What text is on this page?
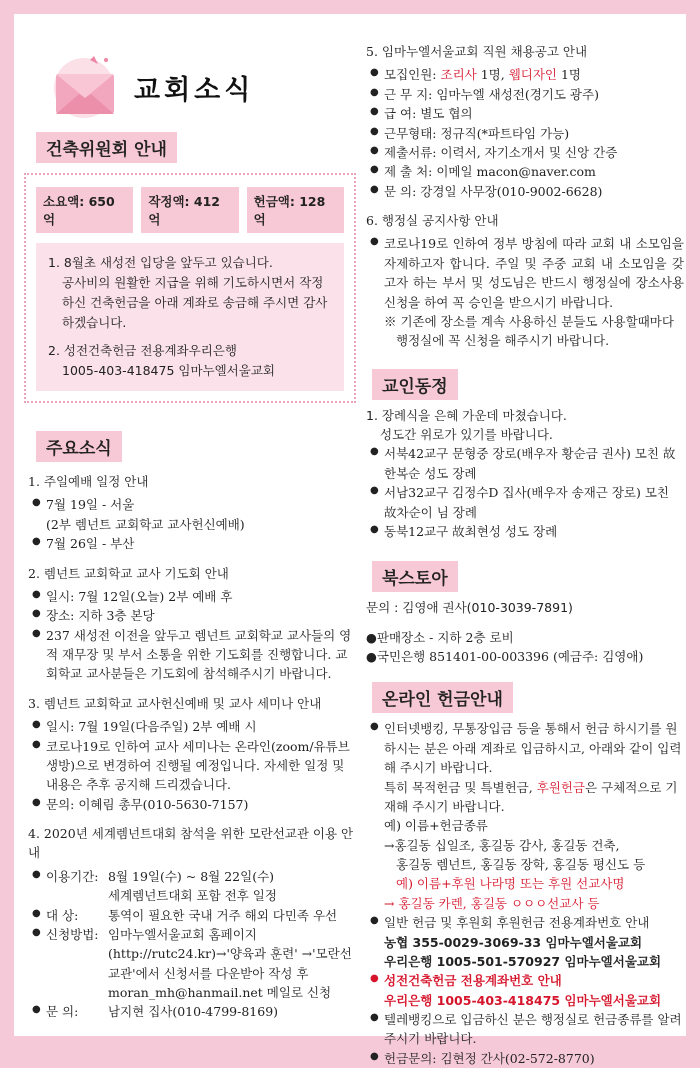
교회소식
건축위원회 안내
소요액: 650억
작정액: 412억
헌금액: 128억
1. 8월초 새성전 입당을 앞두고 있습니다.
공사비의 원활한 지급을 위해 기도하시면서 작정하신 건축헌금을 아래 계좌로 송금해 주시면 감사하겠습니다.
2. 성전건축헌금 전용계좌우리은행
1005-403-418475 임마누엘서울교회
주요소식
1. 주일예배 일정 안내
● 7월 19일 - 서울
(2부 렘넌트 교회학교 교사헌신예배)
● 7월 26일 - 부산
2. 렘넌트 교회학교 교사 기도회 안내
● 일시: 7월 12일(오늘) 2부 예배 후
● 장소: 지하 3층 본당
● 237 새성전 이전을 앞두고 렘넌트 교회학교 교사들의 영적 재무장 및 부서 소통을 위한 기도회를 진행합니다. 교회학교 교사분들은 기도회에 참석해주시기 바랍니다.
3. 렘넌트 교회학교 교사헌신예배 및 교사 세미나 안내
● 일시: 7월 19일(다음주일) 2부 예배 시
● 코로나19로 인하여 교사 세미나는 온라인(zoom/유튜브 생방)으로 변경하여 진행될 예정입니다. 자세한 일정 및 내용은 추후 공지해 드리겠습니다.
● 문의: 이혜림 총무(010-5630-7157)
4. 2020년 세계렘넌트대회 참석을 위한 모란선교관 이용 안내
● 이용기간: 8월 19일(수) ~ 8월 22일(수)
세계렘넌트대회 포함 전후 일정
● 대 상:	통역이 필요한 국내 거주 해외 다민족 우선
● 신청방법: 임마누엘서울교회 홈페이지 (http://rutc24.kr)→'양육과 훈련' →'모란선교관'에서 신청서를 다운받아 작성 후 moran_mh@hanmail.net 메일로 신청
● 문 의:	남지현 집사(010-4799-8169)
5. 임마누엘서울교회 직원 채용공고 안내
● 모집인원: 조리사 1명, 웹디자인 1명
● 근 무 지: 임마누엘 새성전(경기도 광주)
● 급 여: 별도 협의
● 근무형태: 정규직(*파트타임 가능)
● 제출서류: 이력서, 자기소개서 및 신앙 간증
● 제 출 처: 이메일 macon@naver.com
● 문 의: 강경일 사무장(010-9002-6628)
6. 행정실 공지사항 안내
● 코로나19로 인하여 정부 방침에 따라 교회 내 소모임을 자제하고자 합니다. 주일 및 주중 교회 내 소모임을 갖고자 하는 부서 및 성도님은 반드시 행정실에 장소사용신청을 하여 꼭 승인을 받으시기 바랍니다.
※ 기존에 장소를 계속 사용하신 분들도 사용할때마다 행정실에 꼭 신청을 해주시기 바랍니다.
교인동정
1. 장례식을 은혜 가운데 마쳤습니다.
성도간 위로가 있기를 바랍니다.
● 서북42교구 문형중 장로(배우자 황순금 권사) 모친 故한복순 성도 장례
● 서남32교구 김정수D 집사(배우자 송재근 장로) 모친 故차순이 님 장례
● 동북12교구 故최현성 성도 장례
북스토아
문의 : 김영애 권사(010-3039-7891)
●판매장소 - 지하 2층 로비
●국민은행 851401-00-003396 (예금주: 김영애)
온라인 헌금안내
● 인터넷뱅킹, 무통장입금 등을 통해서 헌금 하시기를 원하시는 분은 아래 계좌로 입금하시고, 아래와 같이 입력해 주시기 바랍니다.
특히 목적헌금 및 특별헌금, 후원헌금은 구체적으로 기재해 주시기 바랍니다.
예) 이름+헌금종류
→홍길동 십일조, 홍길동 감사, 홍길동 건축,
홍길동 렘넌트, 홍길동 장학, 홍길동 평신도 등
예) 이름+후원 나라명 또는 후원 선교사명
→ 홍길동 카렌, 홍길동 ㅇㅇㅇ선교사 등
● 일반 헌금 및 후원회 후원헌금 전용계좌번호 안내
농협 355-0029-3069-33 임마누엘서울교회
우리은행 1005-501-570927 임마누엘서울교회
● 성전건축헌금 전용계좌번호 안내
우리은행 1005-403-418475 임마누엘서울교회
● 텔레뱅킹으로 입금하신 분은 행정실로 헌금종류를 알려주시기 바랍니다.
● 헌금문의: 김현정 간사(02-572-8770)
